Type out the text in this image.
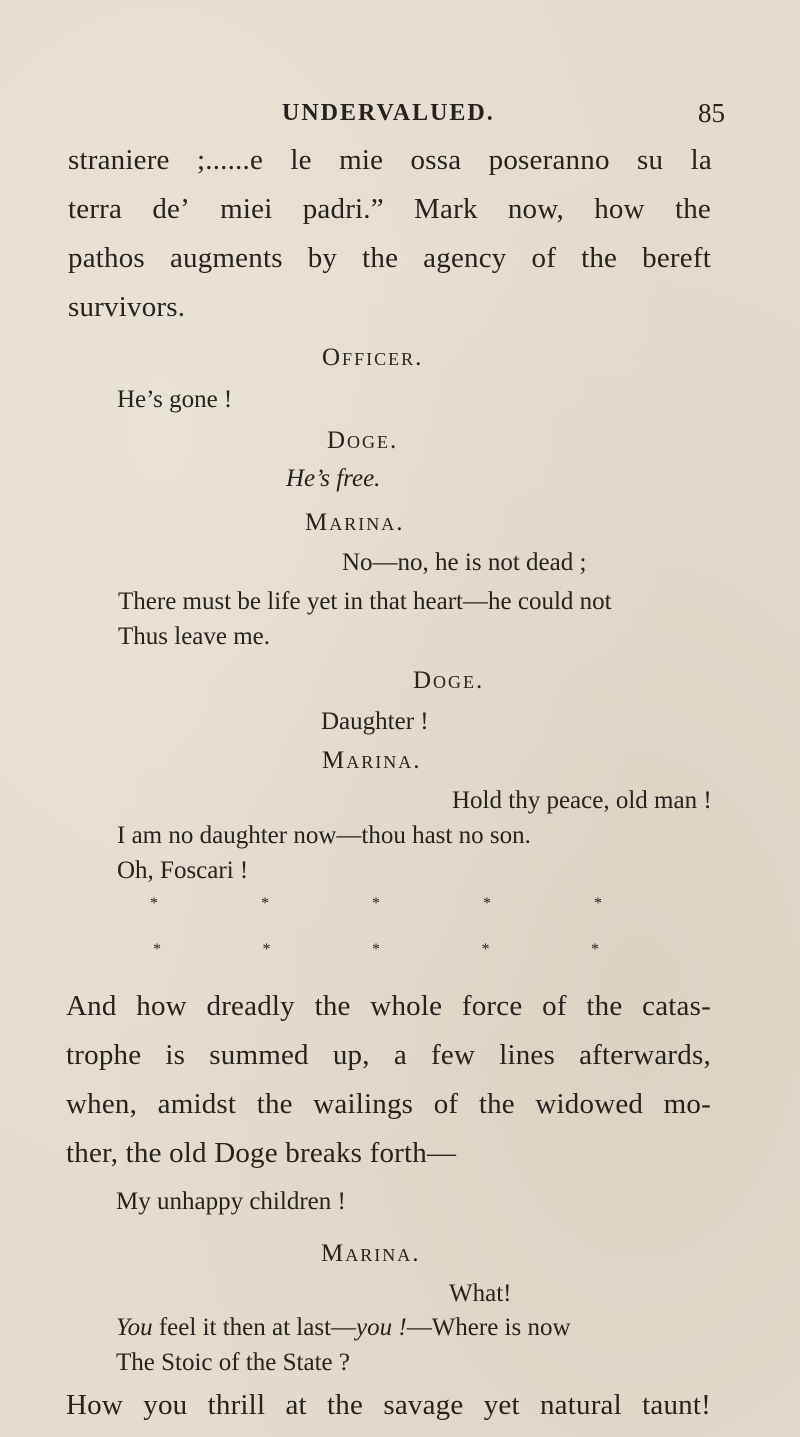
UNDERVALUED.	85
straniere ;......e le mie ossa poseranno su la
terra de’ miei padri.” Mark now, how the
pathos augments by the agency of the bereft
survivors.
Officer.
He’s gone !
Doge.
He’s free.
Marina.
No—no, he is not dead ;
There must be life yet in that heart—he could not
Thus leave me.
Doge.
Daughter !
Marina.
Hold thy peace, old man !
I am no daughter now—thou hast no son.
Oh, Foscari !
*	*	*	*	*
*	*	*	*	*
And how dreadly the whole force of the catas-
trophe is summed up, a few lines afterwards,
when, amidst the wailings of the widowed mo-
ther, the old Doge breaks forth—
My unhappy children !
Marina.
What!
You feel it then at last—you !—Where is now
The Stoic of the State ?
How you thrill at the savage yet natural taunt!
